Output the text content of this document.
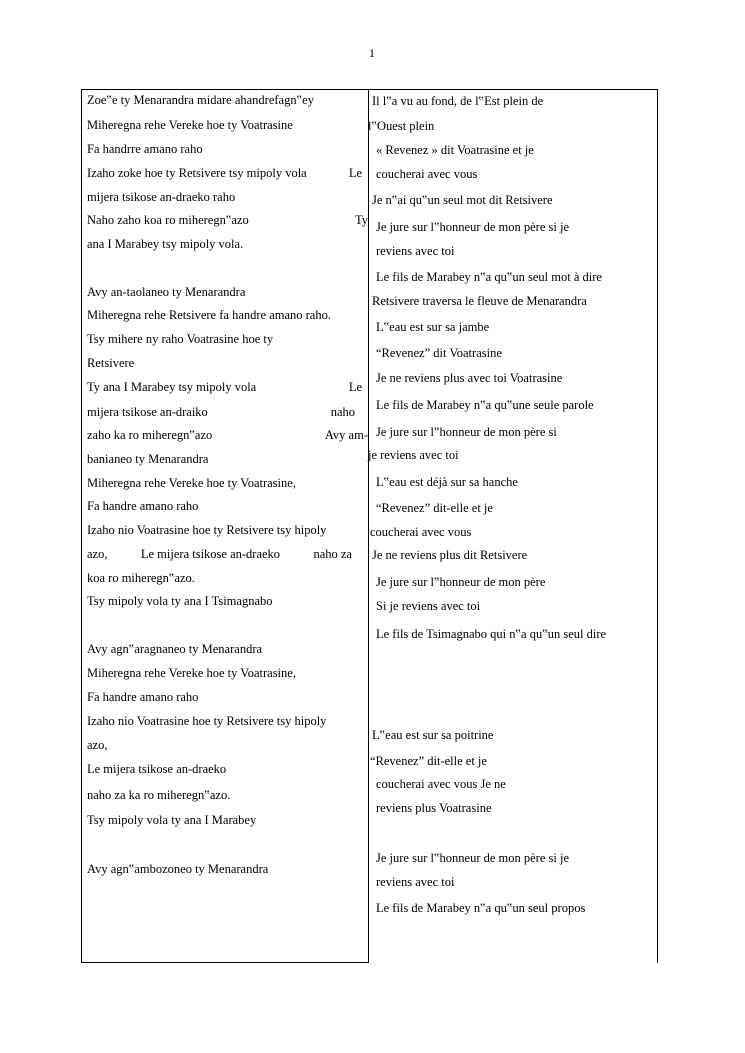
1
Zoe‟e ty Menarandra midare ahandrefagn‟ey
Miheregna rehe Vereke hoe ty Voatrasine
Fa handrre amano raho
Izaho zoke hoe ty Retsivere tsy mipoly vola	Le
mijera tsikose an-draeko raho
Naho zaho koa ro miheregn‟azo	Ty
ana I Marabey tsy mipoly vola.
Avy an-taolaneo ty Menarandra
Miheregna rehe Retsivere fa handre amano raho.
Tsy mihere ny raho Voatrasine hoe ty
Retsivere
Ty ana I Marabey tsy mipoly vola	Le
mijera tsikose an-draiko	naho
zaho ka ro miheregn‟azo	Avy am-
banianeo ty Menarandra
Miheregna rehe Vereke hoe ty Voatrasine,
Fa handre amano raho
Izaho nio Voatrasine hoe ty Retsivere tsy hipoly
azo,	Le mijera tsikose an-draeko	naho za
koa ro miheregn‟azo.
Tsy mipoly vola ty ana I Tsimagnabo
Avy agn‟aragnaneo ty Menarandra
Miheregna rehe Vereke hoe ty Voatrasine,
Fa handre amano raho
Izaho nio Voatrasine hoe ty Retsivere tsy hipoly
azo,
Le mijera tsikose an-draeko
naho za ka ro miheregn‟azo.
Tsy mipoly vola ty ana I Marabey
Avy agn‟ambozoneo ty Menarandra
Il l‟a vu au fond, de l‟Est plein de
l‟Ouest plein
« Revenez » dit Voatrasine et je
coucherai avec vous
Je n‟ai qu‟un seul mot dit Retsivere
Je jure sur l‟honneur de mon père si je
reviens avec toi
Le fils de Marabey n‟a qu‟un seul mot à dire
Retsivere traversa le fleuve de Menarandra
L‟eau est sur sa jambe
“Revenez” dit Voatrasine
Je ne reviens plus avec toi Voatrasine
Le fils de Marabey n‟a qu‟une seule parole
Je jure sur l‟honneur de mon père si
je reviens avec toi
L‟eau est déjà sur sa hanche
“Revenez” dit-elle et je
coucherai avec vous
Je ne reviens plus dit Retsivere
Je jure sur l‟honneur de mon père
Si je reviens avec toi
Le fils de Tsimagnabo qui n‟a qu‟un seul dire
L‟eau est sur sa poitrine
“Revenez” dit-elle et je
coucherai avec vous Je ne
reviens plus Voatrasine
Je jure sur l‟honneur de mon père si je
reviens avec toi
Le fils de Marabey n‟a qu‟un seul propos
